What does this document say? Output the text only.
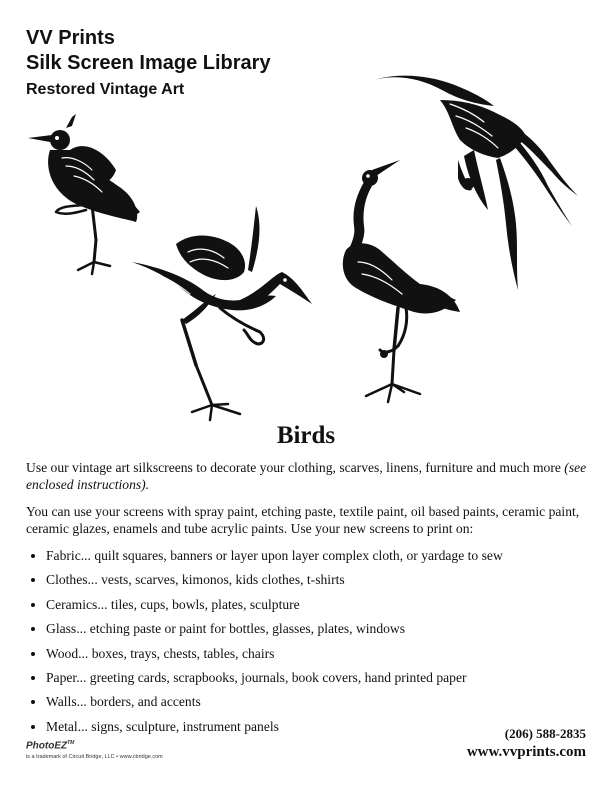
VV Prints
Silk Screen Image Library
Restored Vintage Art
Birds

Use our vintage art silkscreens to decorate your clothing, scarves, linens, furniture and much more (see enclosed instructions).

You can use your screens with spray paint, etching paste, textile paint, oil based paints, ceramic paint, ceramic glazes, enamels and tube acrylic paints. Use your new screens to print on:

• Fabric... quilt squares, banners or layer upon layer complex cloth, or yardage to sew
• Clothes... vests, scarves, kimonos, kids clothes, t-shirts
• Ceramics... tiles, cups, bowls, plates, sculpture
• Glass... etching paste or paint for bottles, glasses, plates, windows
• Wood... boxes, trays, chests, tables, chairs
• Paper... greeting cards, scrapbooks, journals, book covers, hand printed paper
• Walls... borders, and accents
• Metal... signs, sculpture, instrument panels	(206) 588-2835
www.vvprints.com
PhotoEZ™
is a trademark of Circuit Bridge, LLC • www.cbridge.com
